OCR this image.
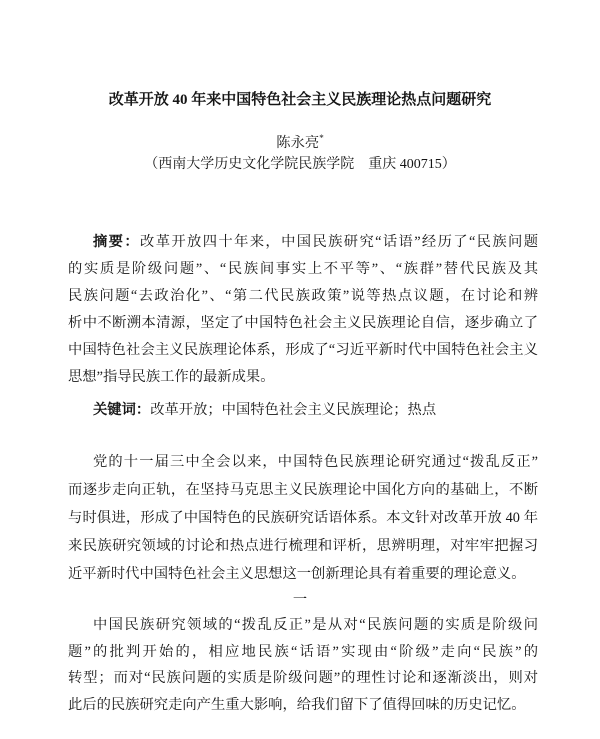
改革开放 40 年来中国特色社会主义民族理论热点问题研究
陈永亮*
（西南大学历史文化学院民族学院　重庆 400715）
摘要：改革开放四十年来，中国民族研究“话语”经历了“民族问题
的实质是阶级问题”、“民族间事实上不平等”、“族群”替代民族及其
民族问题“去政治化”、“第二代民族政策”说等热点议题，在讨论和辨
析中不断溯本清源，坚定了中国特色社会主义民族理论自信，逐步确立了
中国特色社会主义民族理论体系，形成了“习近平新时代中国特色社会主义
思想”指导民族工作的最新成果。
关键词：改革开放；中国特色社会主义民族理论；热点
党的十一届三中全会以来，中国特色民族理论研究通过“拨乱反正”
而逐步走向正轨，在坚持马克思主义民族理论中国化方向的基础上，不断
与时俱进，形成了中国特色的民族研究话语体系。本文针对改革开放 40 年
来民族研究领域的讨论和热点进行梳理和评析，思辨明理，对牢牢把握习
近平新时代中国特色社会主义思想这一创新理论具有着重要的理论意义。
一
中国民族研究领域的“拨乱反正”是从对“民族问题的实质是阶级问
题”的批判开始的，相应地民族“话语”实现由“阶级”走向“民族”的
转型；而对“民族问题的实质是阶级问题”的理性讨论和逐渐淡出，则对
此后的民族研究走向产生重大影响，给我们留下了值得回味的历史记忆。
